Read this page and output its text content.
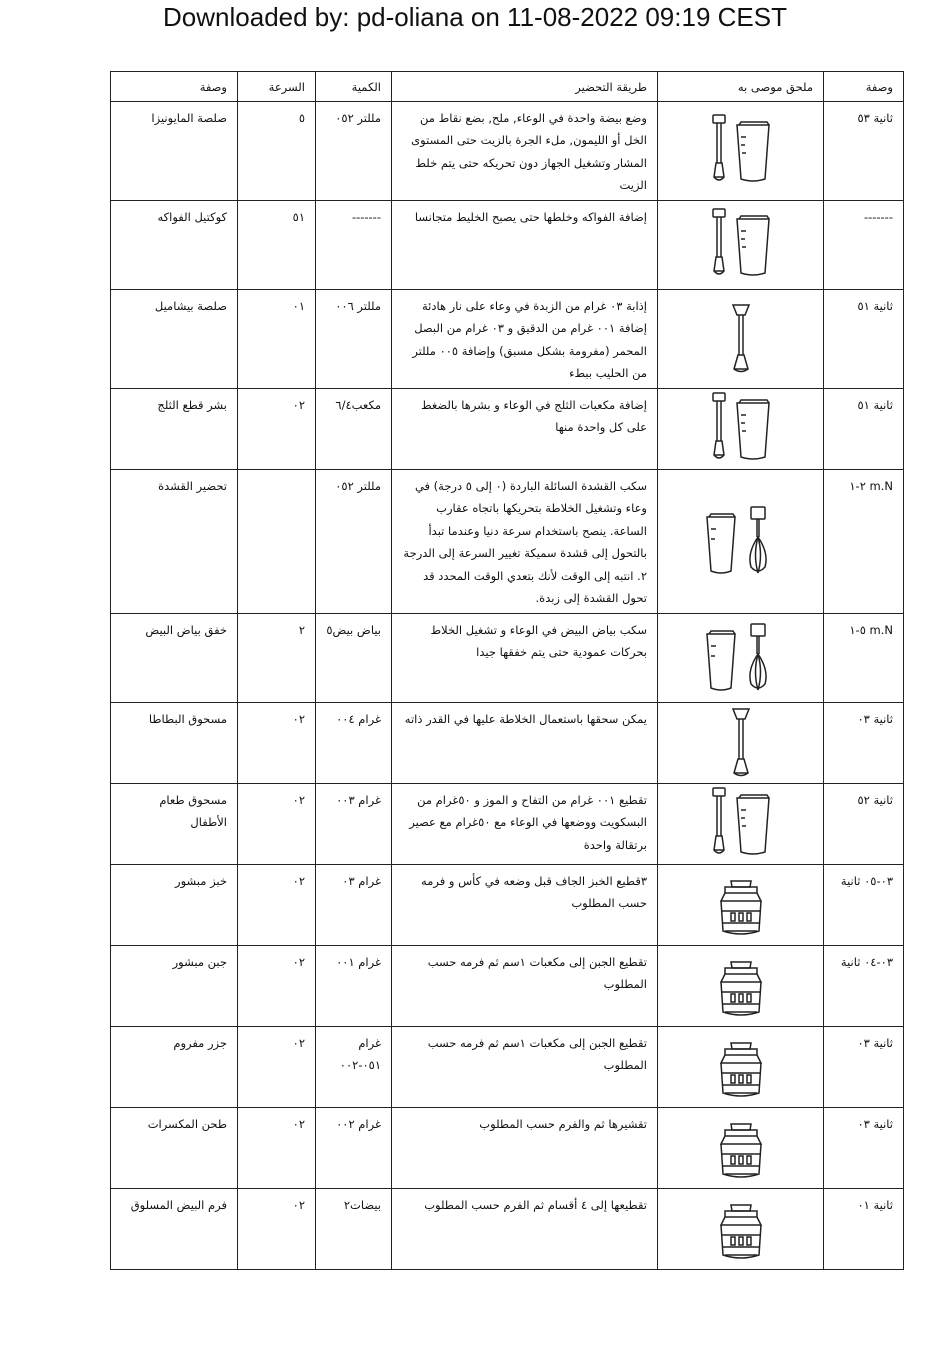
Downloaded by: pd-oliana on 11-08-2022 09:19 CEST
وصفة	ملحق موصى به	طريقة التحضير	الكمية	السرعة	وصفة
ثانية ٥٣		وضع بيضة واحدة في الوعاء, ملح, بضع نقاط من الخل أو الليمون, ملء الجرة بالزيت حتى المستوى المشار وتشغيل الجهاز دون تحريكه حتى يتم خلط الزيت	مللتر ٠٥٢	٥	صلصة المايونيزا
-------		إضافة الفواكه وخلطها حتى يصبح الخليط متجانسا	-------	٥١	كوكتيل الفواكه
ثانية ٥١		إذابة ٠٣ غرام من الزبدة في وعاء على نار هادئة إضافة ٠٠١ غرام من الدقيق و ٠٣ غرام من البصل المحمر (مفرومة بشكل مسبق) وإضافة ٠٠٥ مللتر من الحليب ببطء	مللتر ٠٠٦	٠١	صلصة بيشاميل
ثانية ٥١		إضافة مكعبات الثلج في الوعاء و بشرها بالضغط على كل واحدة منها	مكعب٦/٤	٠٢	بشر قطع الثلج
m.N ٢-١		سكب القشدة السائلة الباردة (٠ إلى ٥ درجة) في وعاء وتشغيل الخلاطة بتحريكها باتجاه عقارب الساعة. ينصح باستخدام سرعة دنيا وعندما تبدأ بالتحول إلى قشدة سميكة تغيير السرعة إلى الدرجة ٢. انتبه إلى الوقت لأنك بتعدي الوقت المحدد قد تحول القشدة إلى زبدة.	مللتر ٠٥٢		تحضير القشدة
m.N ٥-١		سكب بياض البيض في الوعاء و تشغيل الخلاط بحركات عمودية حتى يتم خفقها جيدا	بياض بيض٥	٢	خفق بياض البيض
ثانية ٠٣		يمكن سحقها باستعمال الخلاطة عليها في القدر ذاته	غرام ٠٠٤	٠٢	مسحوق البطاطا
ثانية ٥٢		تقطيع ٠٠١ غرام من التفاح و الموز و ٥٠غرام من البسكويت ووضعها في الوعاء مع ٥٠غرام مع عصير برتقالة واحدة	غرام ٠٠٣	٠٢	مسحوق طعام الأطفال
٠٣-٠٥ ثانية		٣قطيع الخبز الجاف قبل وضعه في كأس و فرمه حسب المطلوب	غرام ٠٣	٠٢	خبز مبشور
٠٣-٠٤ ثانية		تقطيع الجبن إلى مكعبات ١سم ثم فرمه حسب المطلوب	غرام ٠٠١	٠٢	جبن مبشور
ثانية ٠٣		تقطيع الجبن إلى مكعبات ١سم ثم فرمه حسب المطلوب	غرام ٠٥١-٠٠٢	٠٢	جزر مفروم
ثانية ٠٣		تقشيرها ثم والفرم حسب المطلوب	غرام ٠٠٢	٠٢	طحن المكسرات
ثانية ٠١		تقطيعها إلى ٤ أقسام ثم الفرم حسب المطلوب	بيضات٢	٠٢	فرم البيض المسلوق
